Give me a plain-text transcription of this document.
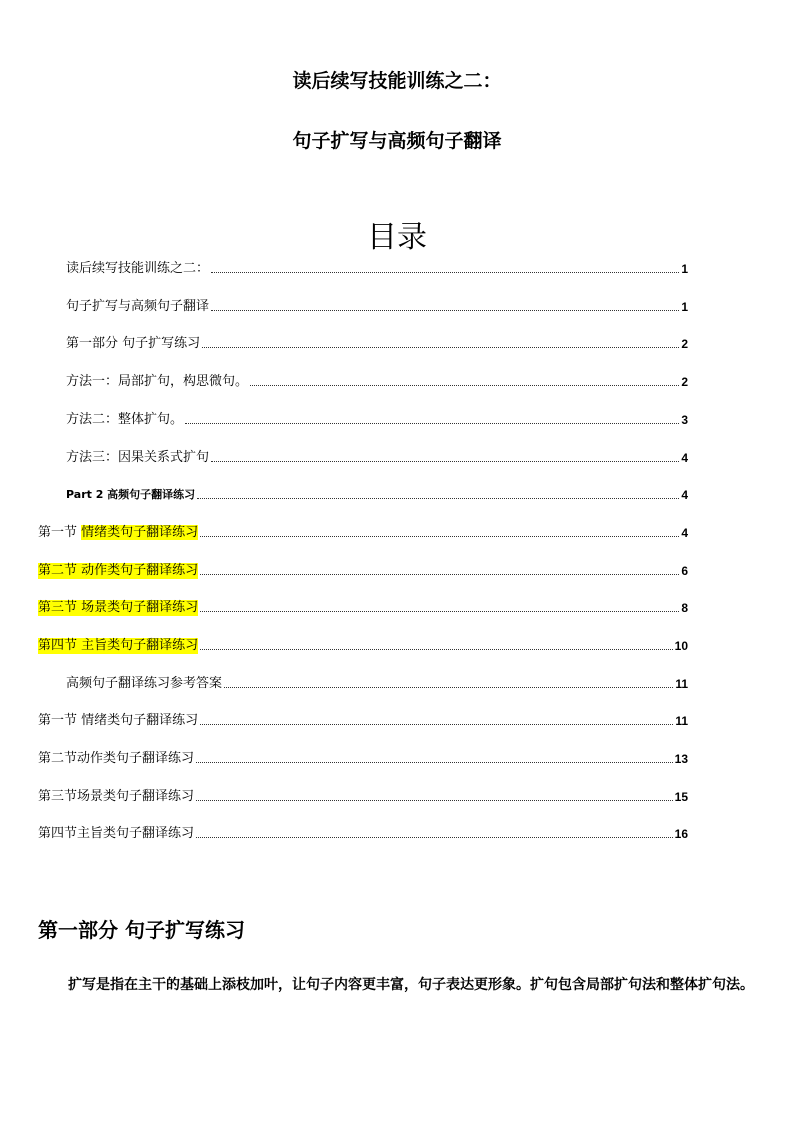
读后续写技能训练之二：
句子扩写与高频句子翻译
目录
读后续写技能训练之二：	1
句子扩写与高频句子翻译	1
第一部分 句子扩写练习	2
方法一：局部扩句，构思微句。	2
方法二：整体扩句。	3
方法三：因果关系式扩句	4
Part 2 高频句子翻译练习	4
第一节 情绪类句子翻译练习	4
第二节 动作类句子翻译练习	6
第三节 场景类句子翻译练习	8
第四节 主旨类句子翻译练习	10
高频句子翻译练习参考答案	11
第一节 情绪类句子翻译练习	11
第二节动作类句子翻译练习	13
第三节场景类句子翻译练习	15
第四节主旨类句子翻译练习	16
第一部分 句子扩写练习
扩写是指在主干的基础上添枝加叶，让句子内容更丰富，句子表达更形象。扩句包含局部扩句法和整体扩句法。
